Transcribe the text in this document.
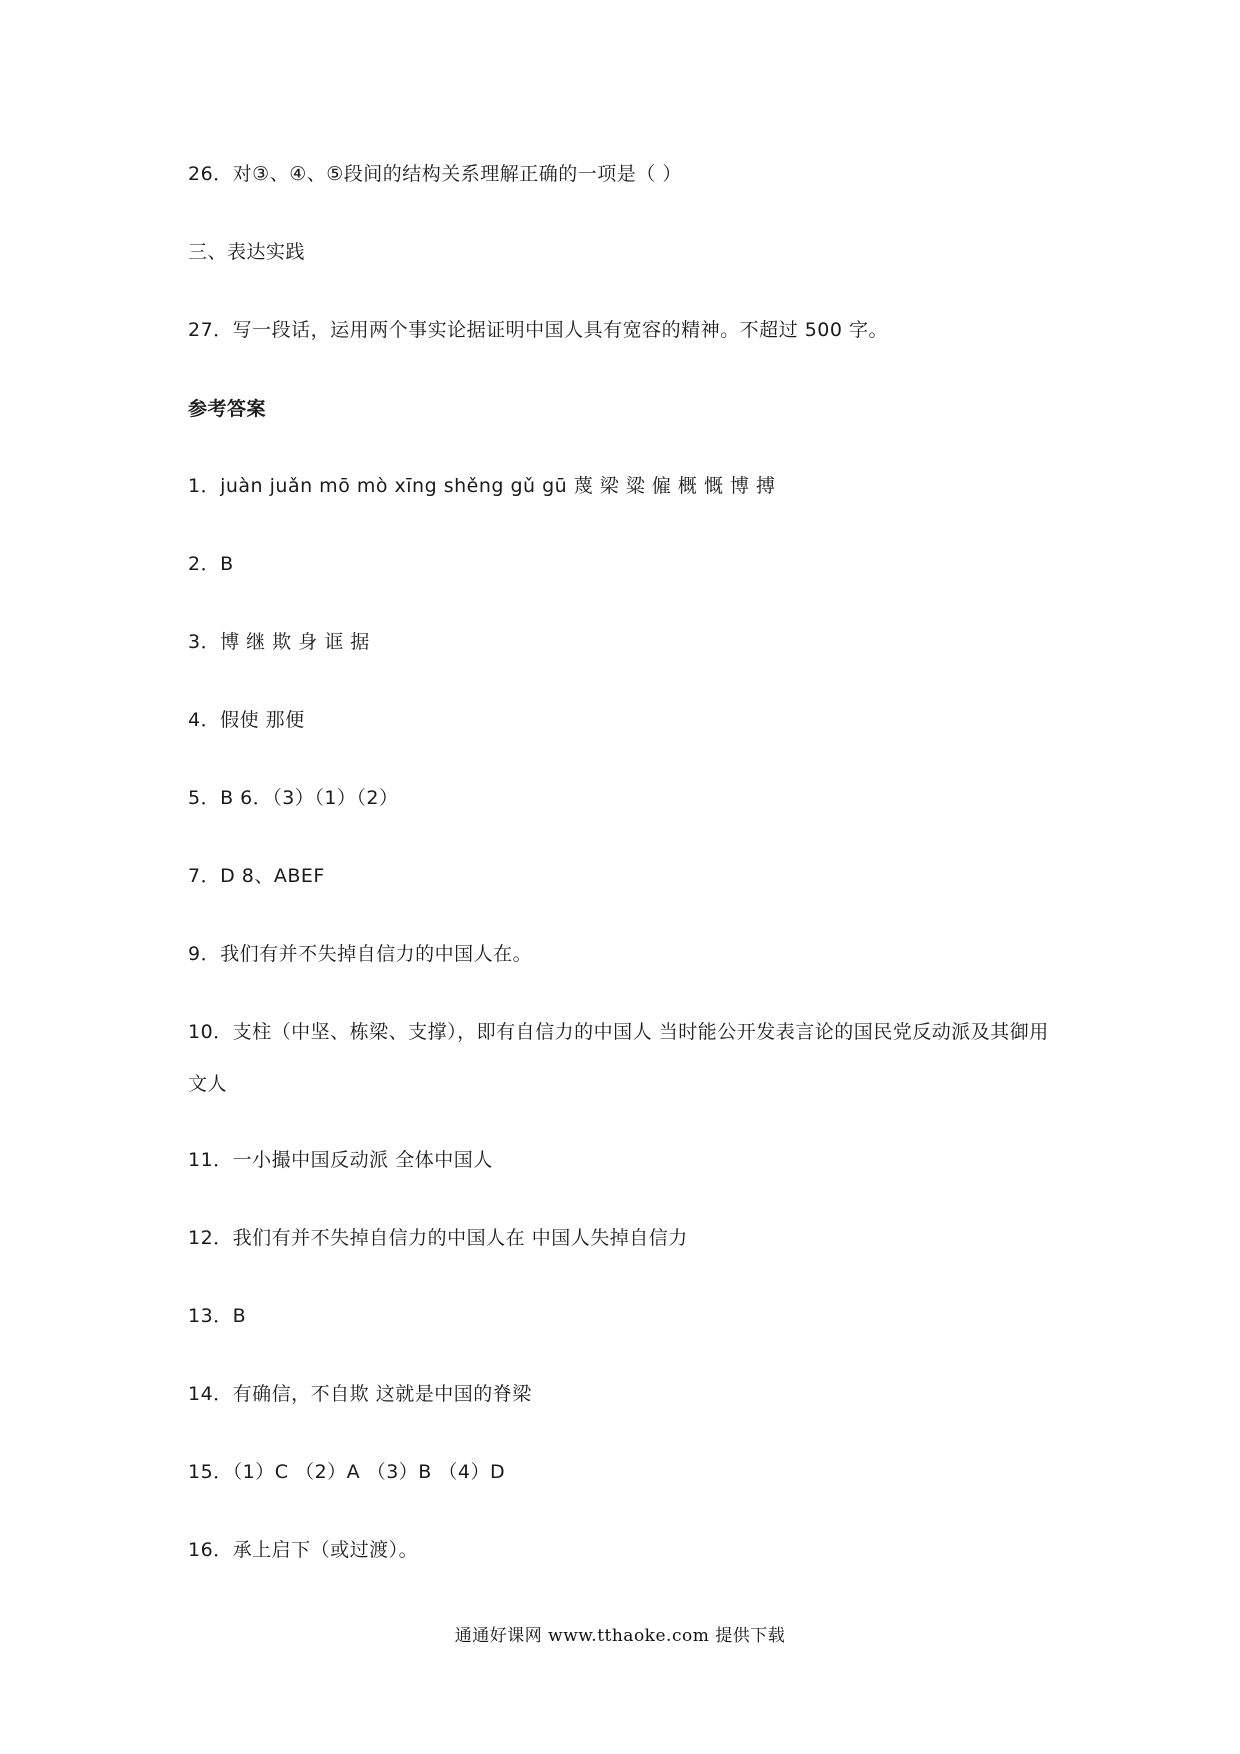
26．对③、④、⑤段间的结构关系理解正确的一项是（ ）
三、表达实践
27．写一段话，运用两个事实论据证明中国人具有宽容的精神。不超过 500 字。
参考答案
1．juàn juǎn mō mò xīng shěng gǔ gū 蔑 梁 粱 僱 概 慨 博 搏
2．B
3．博 继 欺 身 诓 据
4．假使 那便
5．B 6．（3）（1）（2）
7．D 8、ABEF
9．我们有并不失掉自信力的中国人在。
10．支柱（中坚、栋梁、支撑），即有自信力的中国人 当时能公开发表言论的国民党反动派及其御用文人
11．一小撮中国反动派 全体中国人
12．我们有并不失掉自信力的中国人在 中国人失掉自信力
13．B
14．有确信，不自欺 这就是中国的脊梁
15．（1）C （2）A （3）B （4）D
16．承上启下（或过渡）。
通通好课网 www.tthaoke.com 提供下载
